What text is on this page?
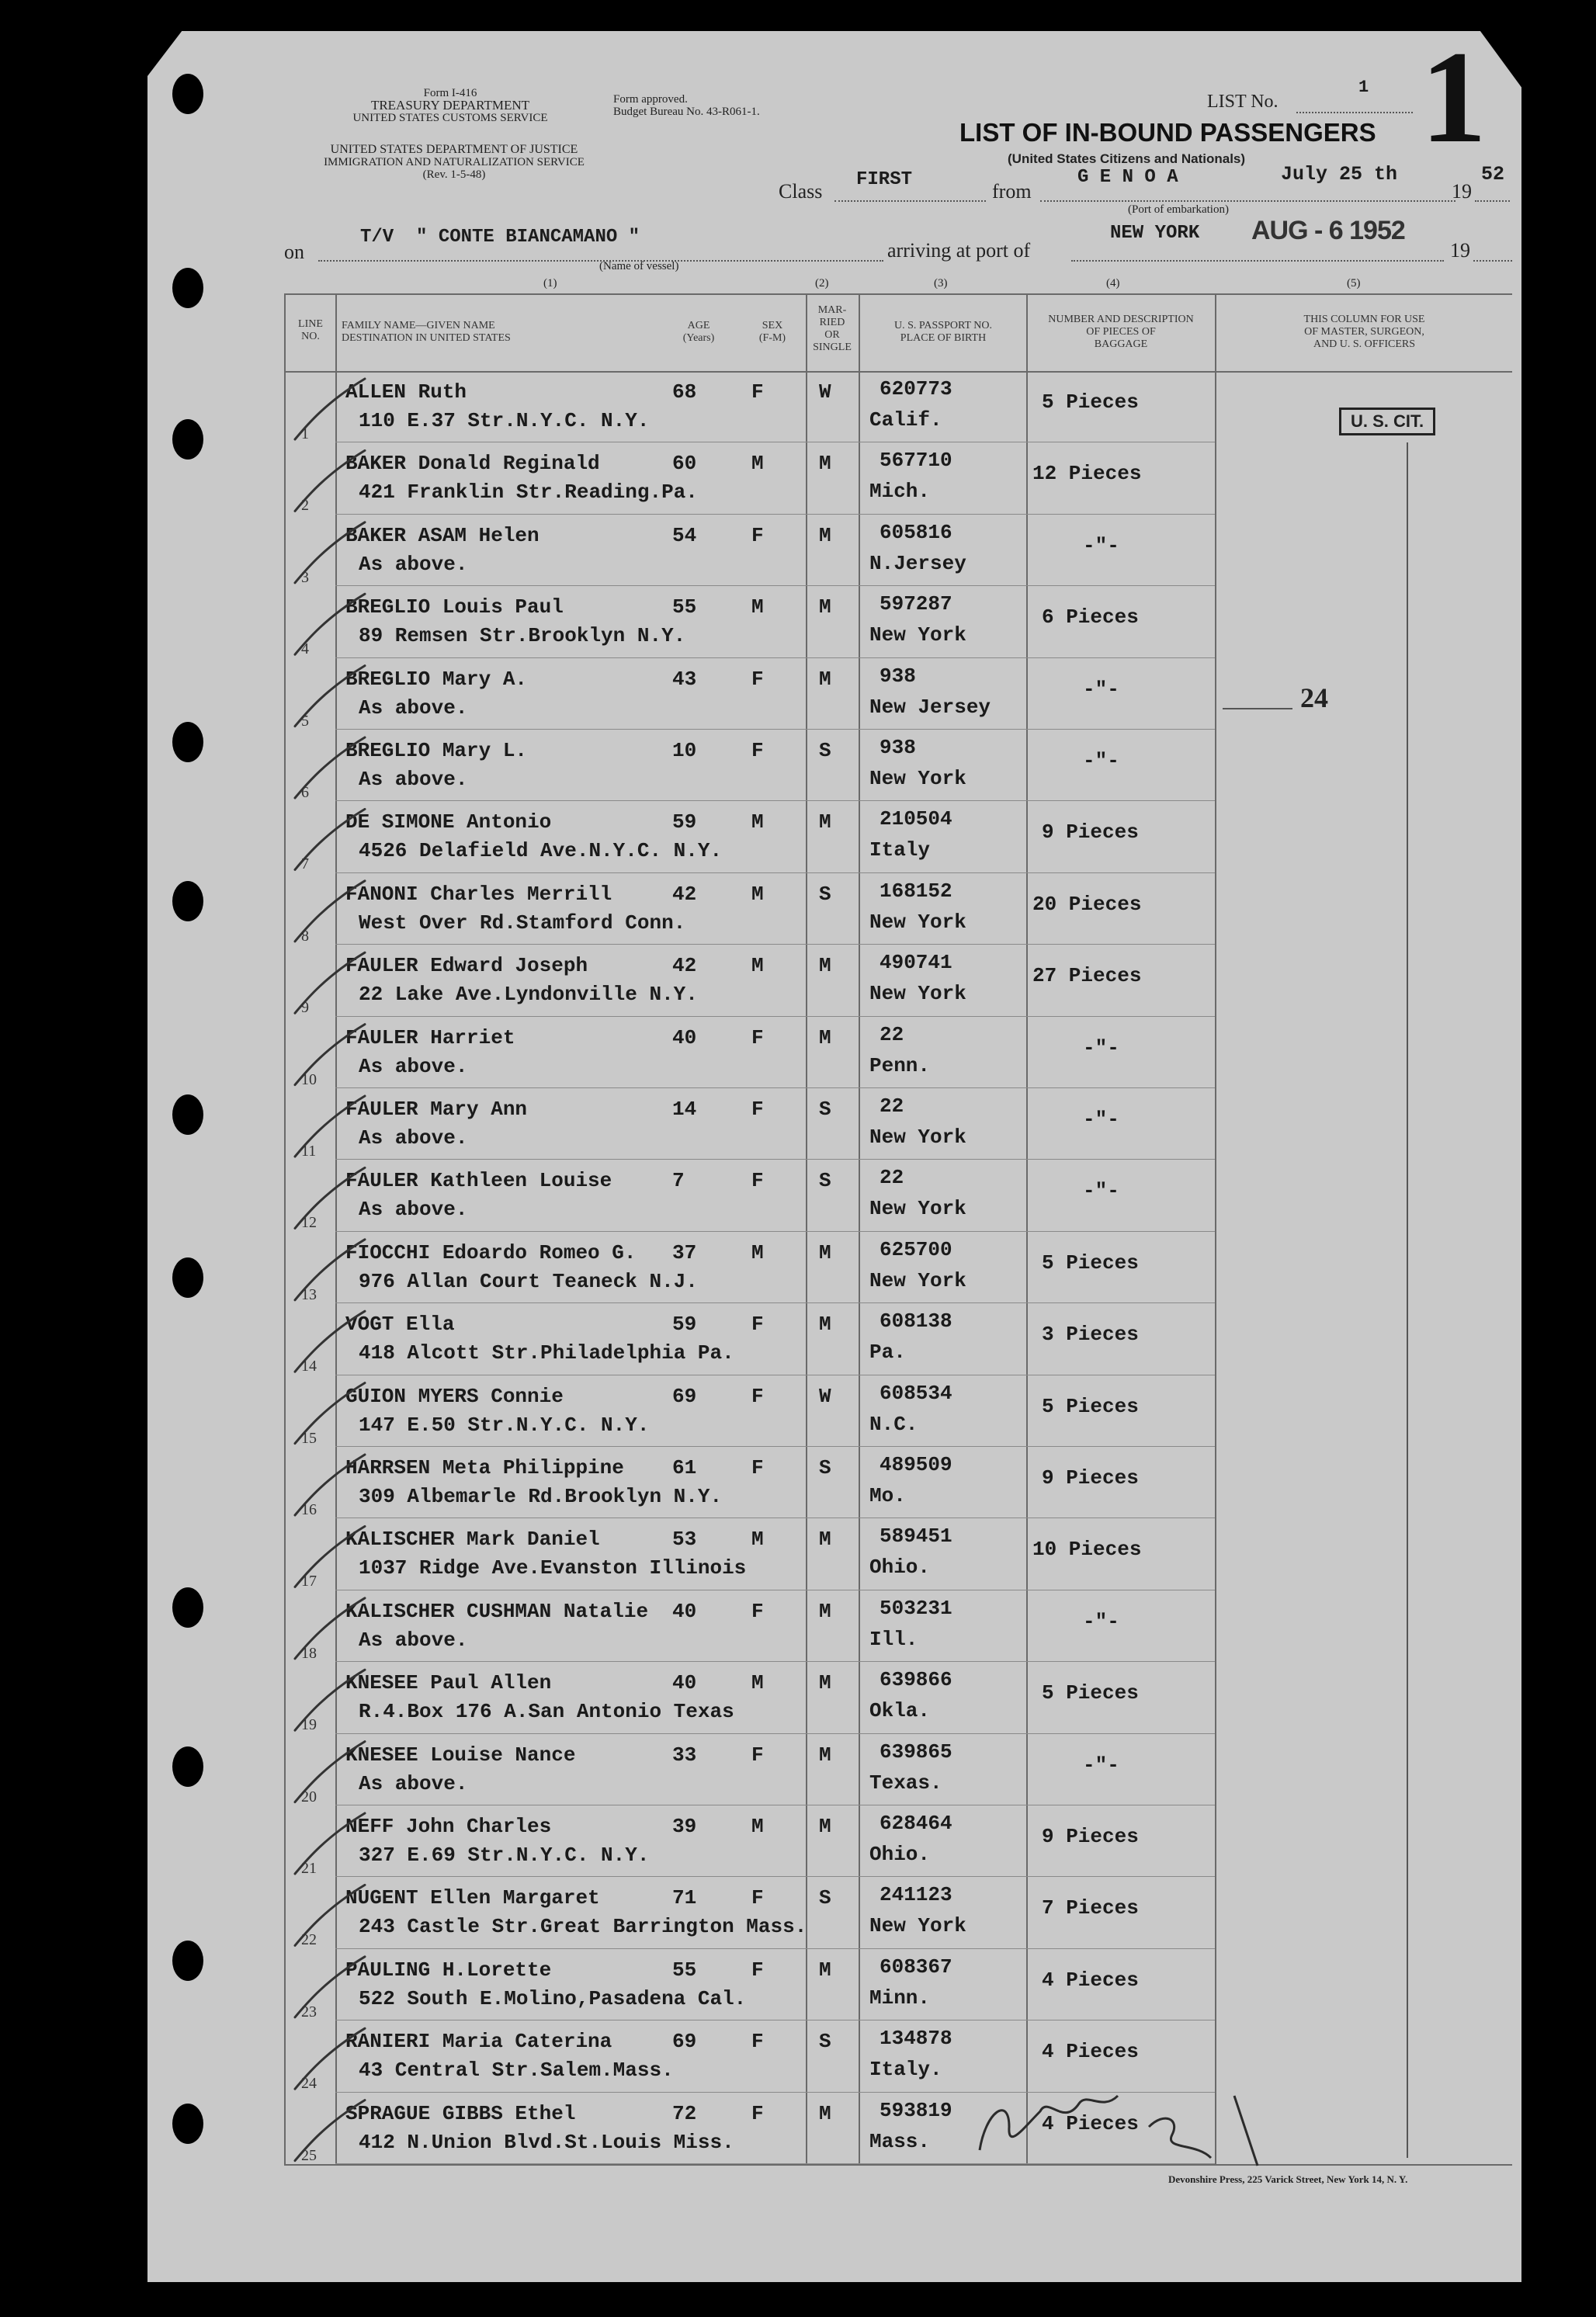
Form I-416
TREASURY DEPARTMENT
UNITED STATES CUSTOMS SERVICE
Form approved.
Budget Bureau No. 43-R061-1.
UNITED STATES DEPARTMENT OF JUSTICE
IMMIGRATION AND NATURALIZATION SERVICE
(Rev. 1-5-48)
LIST No.
1 1
LIST OF IN-BOUND PASSENGERS
(United States Citizens and Nationals)
Class
FIRST
from
G E N O A	July 25 th
19
52
(Port of embarkation)
on
T/V  " CONTE BIANCAMANO "
(Name of vessel)
arriving at port of
NEW YORK AUG - 6 1952
19
(1)	(2)	(3)	(4)	(5)
LINE
NO.
FAMILY NAME—GIVEN NAME
DESTINATION IN UNITED STATES
AGE
(Years)
SEX
(F-M)
MAR-
RIED
OR
SINGLE
U. S. PASSPORT NO.
PLACE OF BIRTH
NUMBER AND DESCRIPTION
OF PIECES OF
BAGGAGE
THIS COLUMN FOR USE
OF MASTER, SURGEON,
AND U. S. OFFICERS
U. S. CIT.
24
1
ALLEN Ruth
110 E.37 Str.N.Y.C. N.Y.
68	F	W 620773
Calif.
5 Pieces
2
BAKER Donald Reginald
421 Franklin Str.Reading.Pa.
60	M	M 567710
Mich.
12 Pieces
3
BAKER ASAM Helen
As above.
54	F	M 605816
N.Jersey
-"-
4
BREGLIO Louis Paul
89 Remsen Str.Brooklyn N.Y.
55	M	M 597287
New York
6 Pieces
5
BREGLIO Mary A.
As above.
43	F	M 938
New Jersey
-"-
6
BREGLIO Mary L.
As above.
10	F	S 938
New York
-"-
7
DE SIMONE Antonio
4526 Delafield Ave.N.Y.C. N.Y.
59	M	M 210504
Italy
9 Pieces
8
FANONI Charles Merrill
West Over Rd.Stamford Conn.
42	M	S 168152
New York
20 Pieces
9
FAULER Edward Joseph
22 Lake Ave.Lyndonville N.Y.
42	M	M 490741
New York
27 Pieces
10
FAULER Harriet
As above.
40	F	M 22
Penn.
-"-
11
FAULER Mary Ann
As above.
14	F	S 22
New York
-"-
12
FAULER Kathleen Louise
As above.
7	F	S 22
New York
-"-
13
FIOCCHI Edoardo Romeo G.
976 Allan Court Teaneck N.J.
37	M	M 625700
New York
5 Pieces
14
VOGT Ella
418 Alcott Str.Philadelphia Pa.
59	F	M 608138
Pa.
3 Pieces
15
GUION MYERS Connie
147 E.50 Str.N.Y.C. N.Y.
69	F	W 608534
N.C.
5 Pieces
16
HARRSEN Meta Philippine
309 Albemarle Rd.Brooklyn N.Y.
61	F	S 489509
Mo.
9 Pieces
17
KALISCHER Mark Daniel
1037 Ridge Ave.Evanston Illinois
53	M	M 589451
Ohio.
10 Pieces
18
KALISCHER CUSHMAN Natalie
As above.
40	F	M 503231
Ill.
-"-
19
KNESEE Paul Allen
R.4.Box 176 A.San Antonio Texas
40	M	M 639866
Okla.
5 Pieces
20
KNESEE Louise Nance
As above.
33	F	M 639865
Texas.
-"-
21
NEFF John Charles
327 E.69 Str.N.Y.C. N.Y.
39	M	M 628464
Ohio.
9 Pieces
22
NUGENT Ellen Margaret
243 Castle Str.Great Barrington Mass.
71	F	S 241123
New York
7 Pieces
23
PAULING H.Lorette
522 South E.Molino,Pasadena Cal.
55	F	M 608367
Minn.
4 Pieces
24
RANIERI Maria Caterina
43 Central Str.Salem.Mass.
69	F	S 134878
Italy.
4 Pieces
25
SPRAGUE GIBBS Ethel
412 N.Union Blvd.St.Louis Miss.
72	F	M 593819
Mass.
4 Pieces
Devonshire Press, 225 Varick Street, New York 14, N. Y.
